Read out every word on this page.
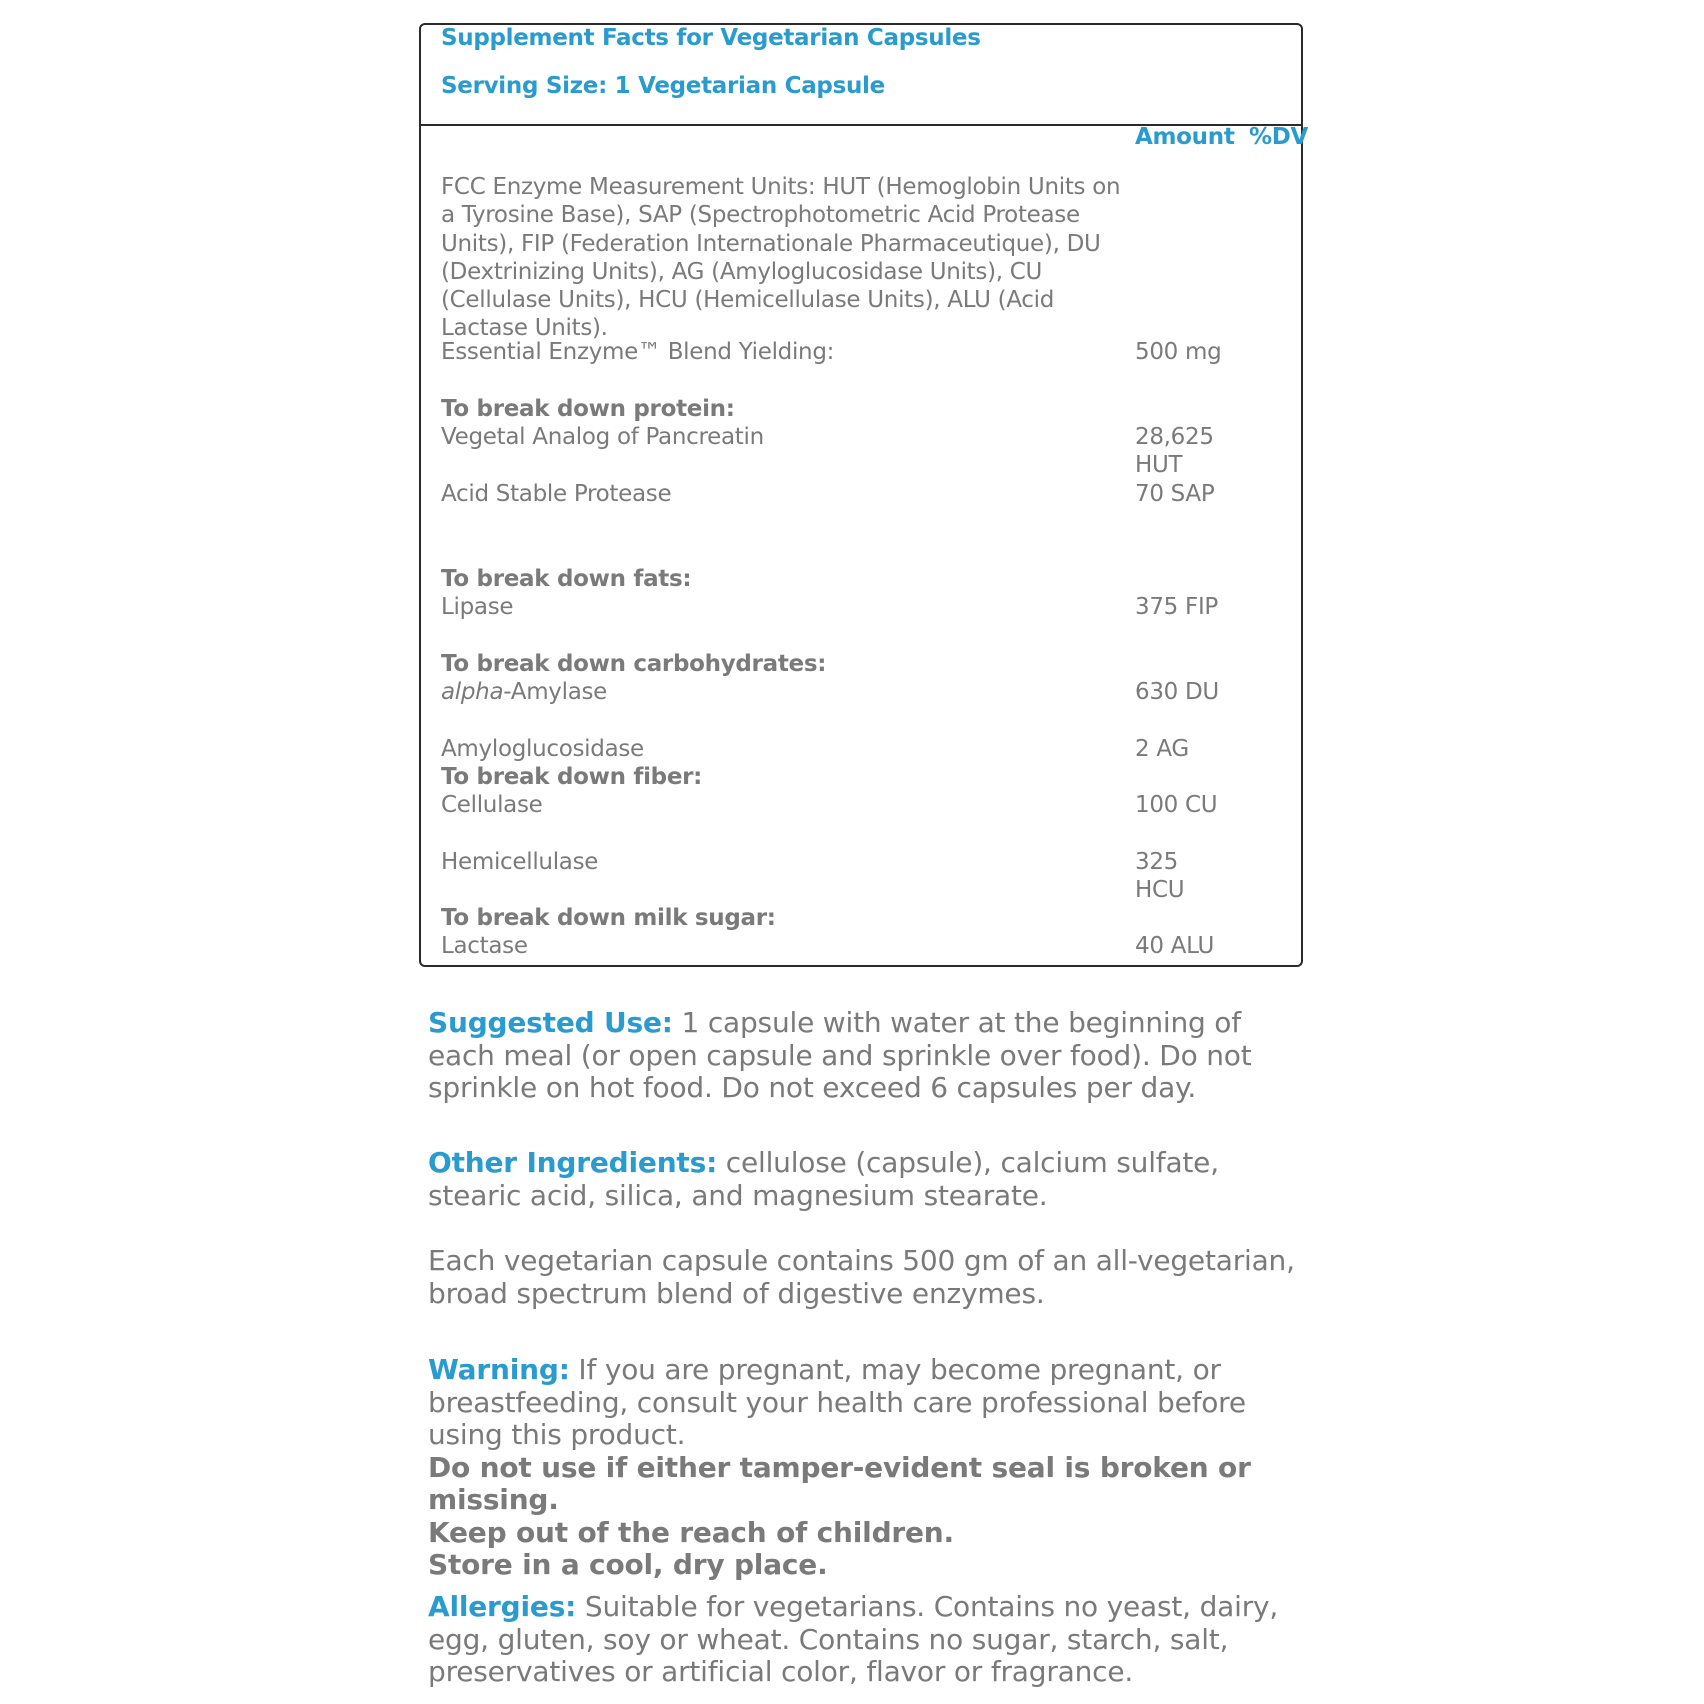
Supplement Facts for Vegetarian Capsules
Serving Size: 1 Vegetarian Capsule
Amount %DV
FCC Enzyme Measurement Units: HUT (Hemoglobin Units on a Tyrosine Base), SAP (Spectrophotometric Acid Protease Units), FIP (Federation Internationale Pharmaceutique), DU (Dextrinizing Units), AG (Amyloglucosidase Units), CU (Cellulase Units), HCU (Hemicellulase Units), ALU (Acid Lactase Units).
Essential Enzyme™ Blend Yielding:	500 mg
To break down protein:
Vegetal Analog of Pancreatin	28,625 HUT
Acid Stable Protease	70 SAP
To break down fats:
Lipase	375 FIP
To break down carbohydrates:
alpha-Amylase	630 DU
Amyloglucosidase	2 AG
To break down fiber:
Cellulase	100 CU
Hemicellulase	325 HCU
To break down milk sugar:
Lactase	40 ALU
Suggested Use: 1 capsule with water at the beginning of each meal (or open capsule and sprinkle over food). Do not sprinkle on hot food. Do not exceed 6 capsules per day.
Other Ingredients: cellulose (capsule), calcium sulfate, stearic acid, silica, and magnesium stearate.
Each vegetarian capsule contains 500 gm of an all-vegetarian, broad spectrum blend of digestive enzymes.
Warning: If you are pregnant, may become pregnant, or breastfeeding, consult your health care professional before using this product.
Do not use if either tamper-evident seal is broken or missing.
Keep out of the reach of children.
Store in a cool, dry place.
Allergies: Suitable for vegetarians. Contains no yeast, dairy, egg, gluten, soy or wheat. Contains no sugar, starch, salt, preservatives or artificial color, flavor or fragrance.
